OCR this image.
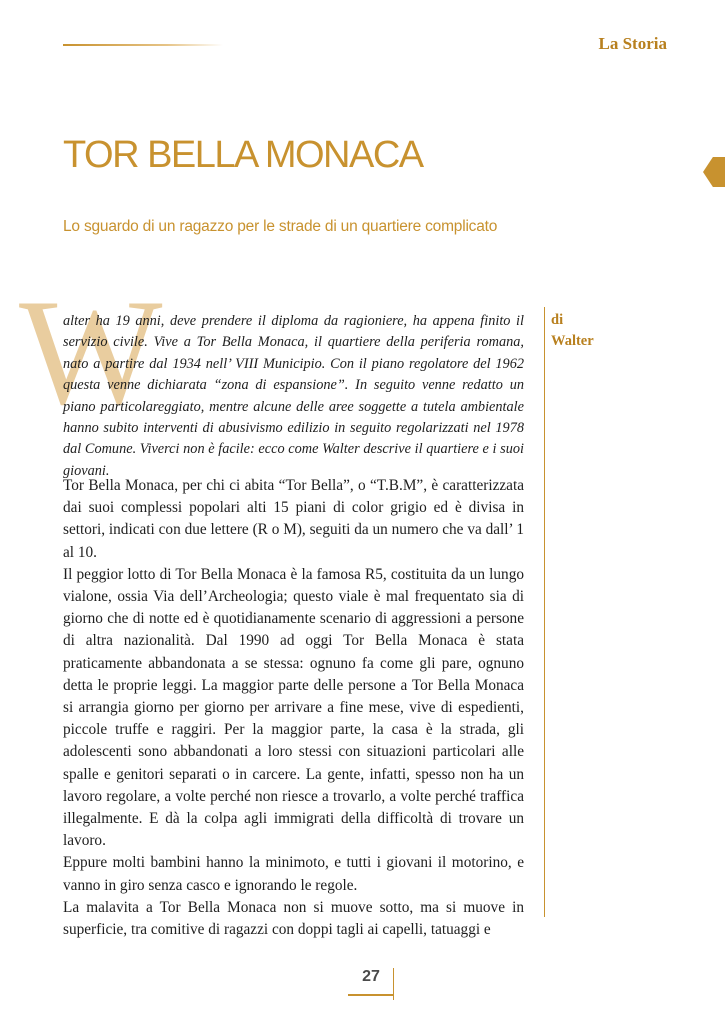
La Storia
TOR BELLA MONACA
Lo sguardo di un ragazzo per le strade di un quartiere complicato
W

alter ha 19 anni, deve prendere il diploma da ragioniere, ha appena finito il servizio civile. Vive a Tor Bella Monaca, il quartiere della periferia romana, nato a partire dal 1934 nell’ VIII Municipio. Con il piano regolatore del 1962 questa venne dichiarata “zona di espansione”. In seguito venne redatto un piano particolareggiato, mentre alcune delle aree soggette a tutela ambientale hanno subito interventi di abusivismo edilizio in seguito regolarizzati nel 1978 dal Comune. Viverci non è facile: ecco come Walter descrive il quartiere e i suoi giovani.

di
Walter

Tor Bella Monaca, per chi ci abita “Tor Bella”, o “T.B.M”, è caratterizzata dai suoi complessi popolari alti 15 piani di color grigio ed è divisa in settori, indicati con due lettere (R o M), seguiti da un numero che va dall’ 1 al 10.

Il peggior lotto di Tor Bella Monaca è la famosa R5, costituita da un lungo vialone, ossia Via dell’Archeologia; questo viale è mal frequentato sia di giorno che di notte ed è quotidianamente scenario di aggressioni a persone di altra nazionalità. Dal 1990 ad oggi Tor Bella Monaca è stata praticamente abbandonata a se stessa: ognuno fa come gli pare, ognuno detta le proprie leggi. La maggior parte delle persone a Tor Bella Monaca si arrangia giorno per giorno per arrivare a fine mese, vive di espedienti, piccole truffe e raggiri. Per la maggior parte, la casa è la strada, gli adolescenti sono abbandonati a loro stessi con situazioni particolari alle spalle e genitori separati o in carcere. La gente, infatti, spesso non ha un lavoro regolare, a volte perché non riesce a trovarlo, a volte perché traffica illegalmente. E dà la colpa agli immigrati della difficoltà di trovare un lavoro.

Eppure molti bambini hanno la minimoto, e tutti i giovani il motorino, e vanno in giro senza casco e ignorando le regole.

La malavita a Tor Bella Monaca non si muove sotto, ma si muove in superficie, tra comitive di ragazzi con doppi tagli ai capelli, tatuaggi e

27
